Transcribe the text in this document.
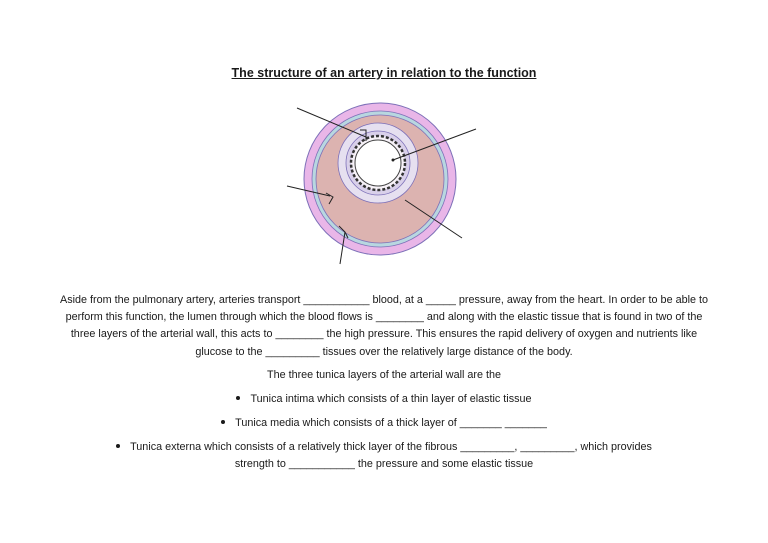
The structure of an artery in relation to the function
Aside from the pulmonary artery, arteries transport ___________ blood, at a _____ pressure, away from the heart. In order to be able to perform this function, the lumen through which the blood flows is ________ and along with the elastic tissue that is found in two of the three layers of the arterial wall, this acts to ________ the high pressure. This ensures the rapid delivery of oxygen and nutrients like glucose to the _________ tissues over the relatively large distance of the body.
The three tunica layers of the arterial wall are the
Tunica intima which consists of a thin layer of elastic tissue
Tunica media which consists of a thick layer of _______ _______
Tunica externa which consists of a relatively thick layer of the fibrous _________, _________, which provides
strength to ___________ the pressure and some elastic tissue
